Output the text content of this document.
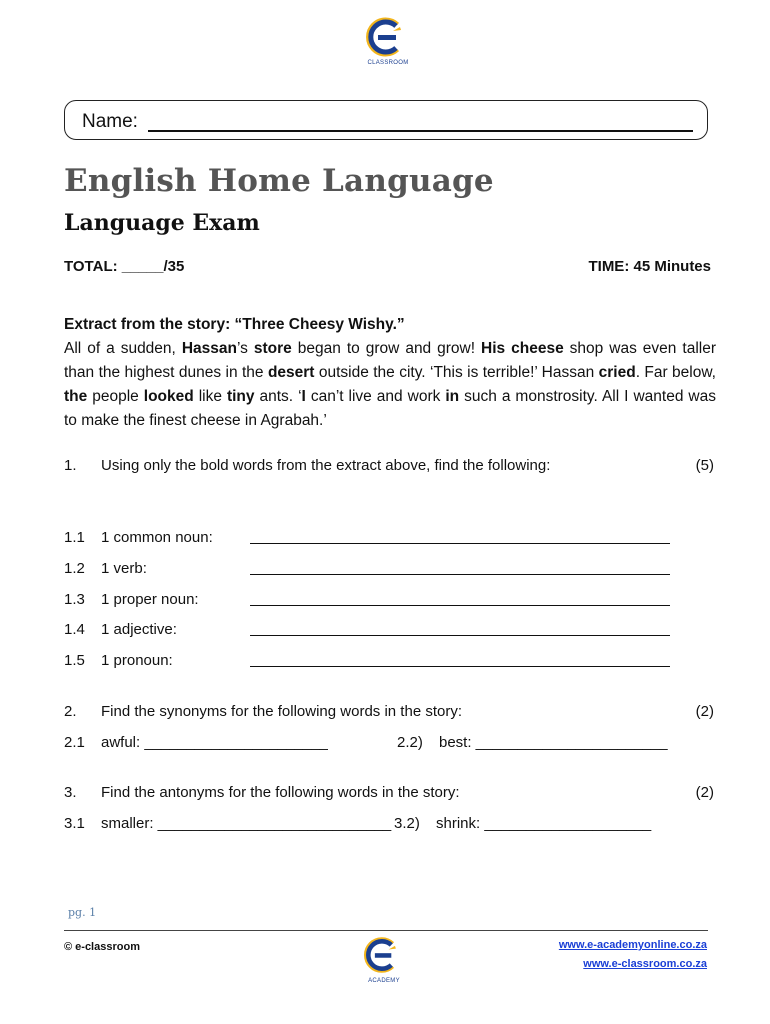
CLASSROOM
Name:
English Home Language
Language Exam
TOTAL: _____/35	TIME: 45 Minutes

Extract from the story: “Three Cheesy Wishy.”

All of a sudden, Hassan’s store began to grow and grow! His cheese shop was even taller than the highest dunes in the desert outside the city. ‘This is terrible!’ Hassan cried. Far below, the people looked like tiny ants. ‘I can’t live and work in such a monstrosity. All I wanted was to make the finest cheese in Agrabah.’

1. Using only the bold words from the extract above, find the following:	(5)
1.1 1 common noun:
1.2 1 verb:
1.3 1 proper noun:
1.4 1 adjective:
1.5 1 pronoun:
2. Find the synonyms for the following words in the story:	(2)
2.1 awful: ______________________	2.2) best: _______________________
3. Find the antonyms for the following words in the story:	(2)
3.1 smaller: ____________________________ 3.2) shrink: ____________________
pg. 1
© e-classroom
ACADEMY
www.e-academyonline.co.za
www.e-classroom.co.za
